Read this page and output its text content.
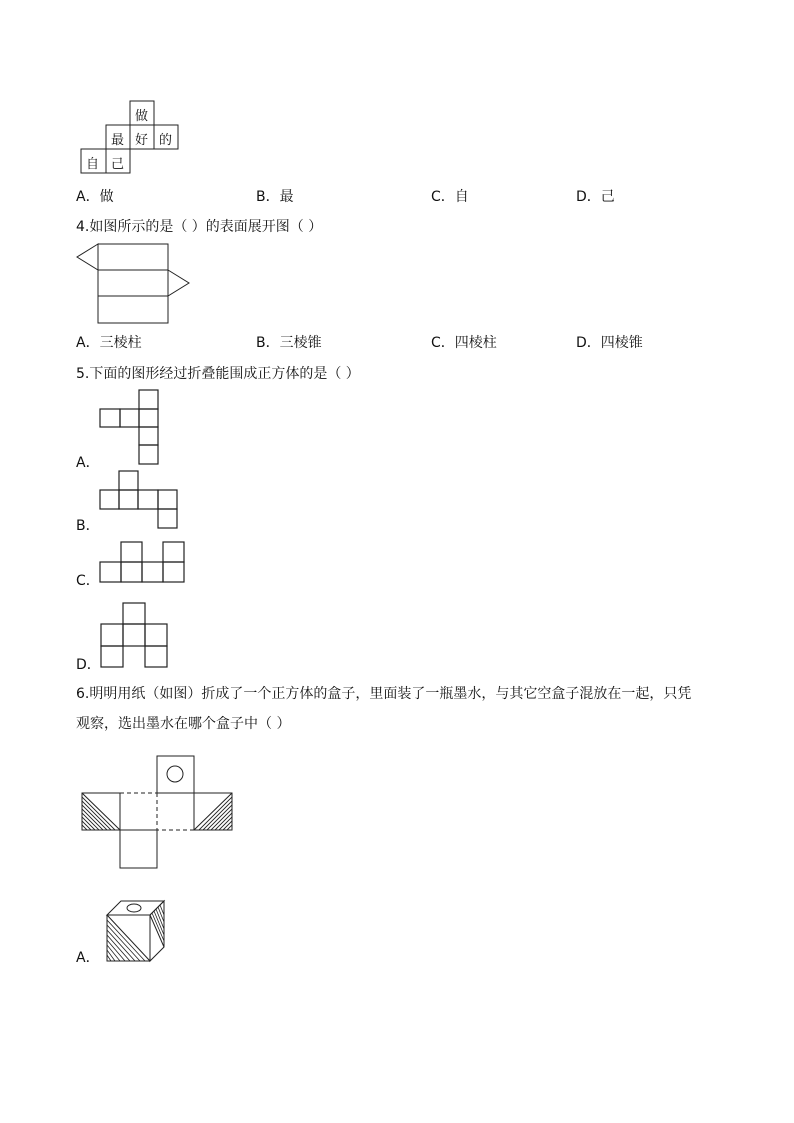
做
最 好 的
自 己
A．做	B．最	C．自	D．己
4.如图所示的是（ ）的表面展开图（ ）
A．三棱柱	B．三棱锥	C．四棱柱	D．四棱锥
5.下面的图形经过折叠能围成正方体的是（ ）
A．
B．
C．
D．
6.明明用纸（如图）折成了一个正方体的盒子，里面装了一瓶墨水，与其它空盒子混放在一起，只凭
观察，选出墨水在哪个盒子中（ ）
A．
